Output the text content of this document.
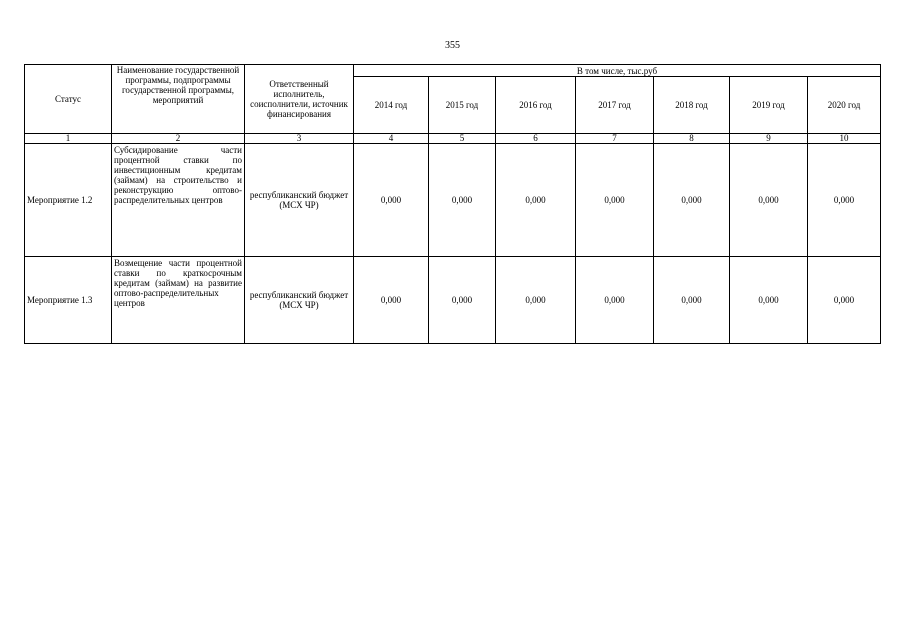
355
Статус	Наименование государственной программы, подпрограммы государственной программы, мероприятий	Ответственный исполнитель, соисполнители, источник финансирования	В том числе, тыс.руб						
			2014 год	2015 год	2016 год	2017 год	2018 год	2019 год	2020 год
1	2	3	4	5	6	7	8	9	10
Мероприятие 1.2	Субсидирование части процентной ставки по инвестиционным кредитам (займам) на строительство и реконструкцию оптово-распределительных центров	республиканский бюджет (МСХ ЧР)	0,000	0,000	0,000	0,000	0,000	0,000	0,000
Мероприятие 1.3	Возмещение части процентной ставки по краткосрочным кредитам (займам) на развитие оптово-распределительных центров	республиканский бюджет (МСХ ЧР)	0,000	0,000	0,000	0,000	0,000	0,000	0,000
